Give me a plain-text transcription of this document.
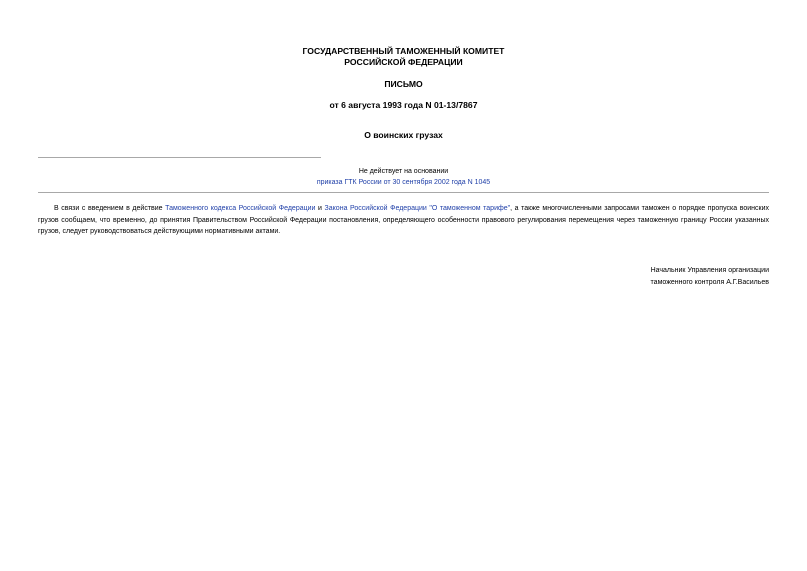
ГОСУДАРСТВЕННЫЙ ТАМОЖЕННЫЙ КОМИТЕТ
РОССИЙСКОЙ ФЕДЕРАЦИИ
ПИСЬМО
от 6 августа 1993 года N 01-13/7867
О воинских грузах
Не действует на основании
приказа ГТК России от 30 сентября 2002 года N 1045

В связи с введением в действие Таможенного кодекса Российской Федерации и Закона Российской Федерации "О таможенном тарифе", а также многочисленными запросами таможен о порядке пропуска воинских грузов сообщаем, что временно, до принятия Правительством Российской Федерации постановления, определяющего особенности правового регулирования перемещения через таможенную границу России указанных грузов, следует руководствоваться действующими нормативными актами.

Начальник Управления организации
таможенного контроля А.Г.Васильев
